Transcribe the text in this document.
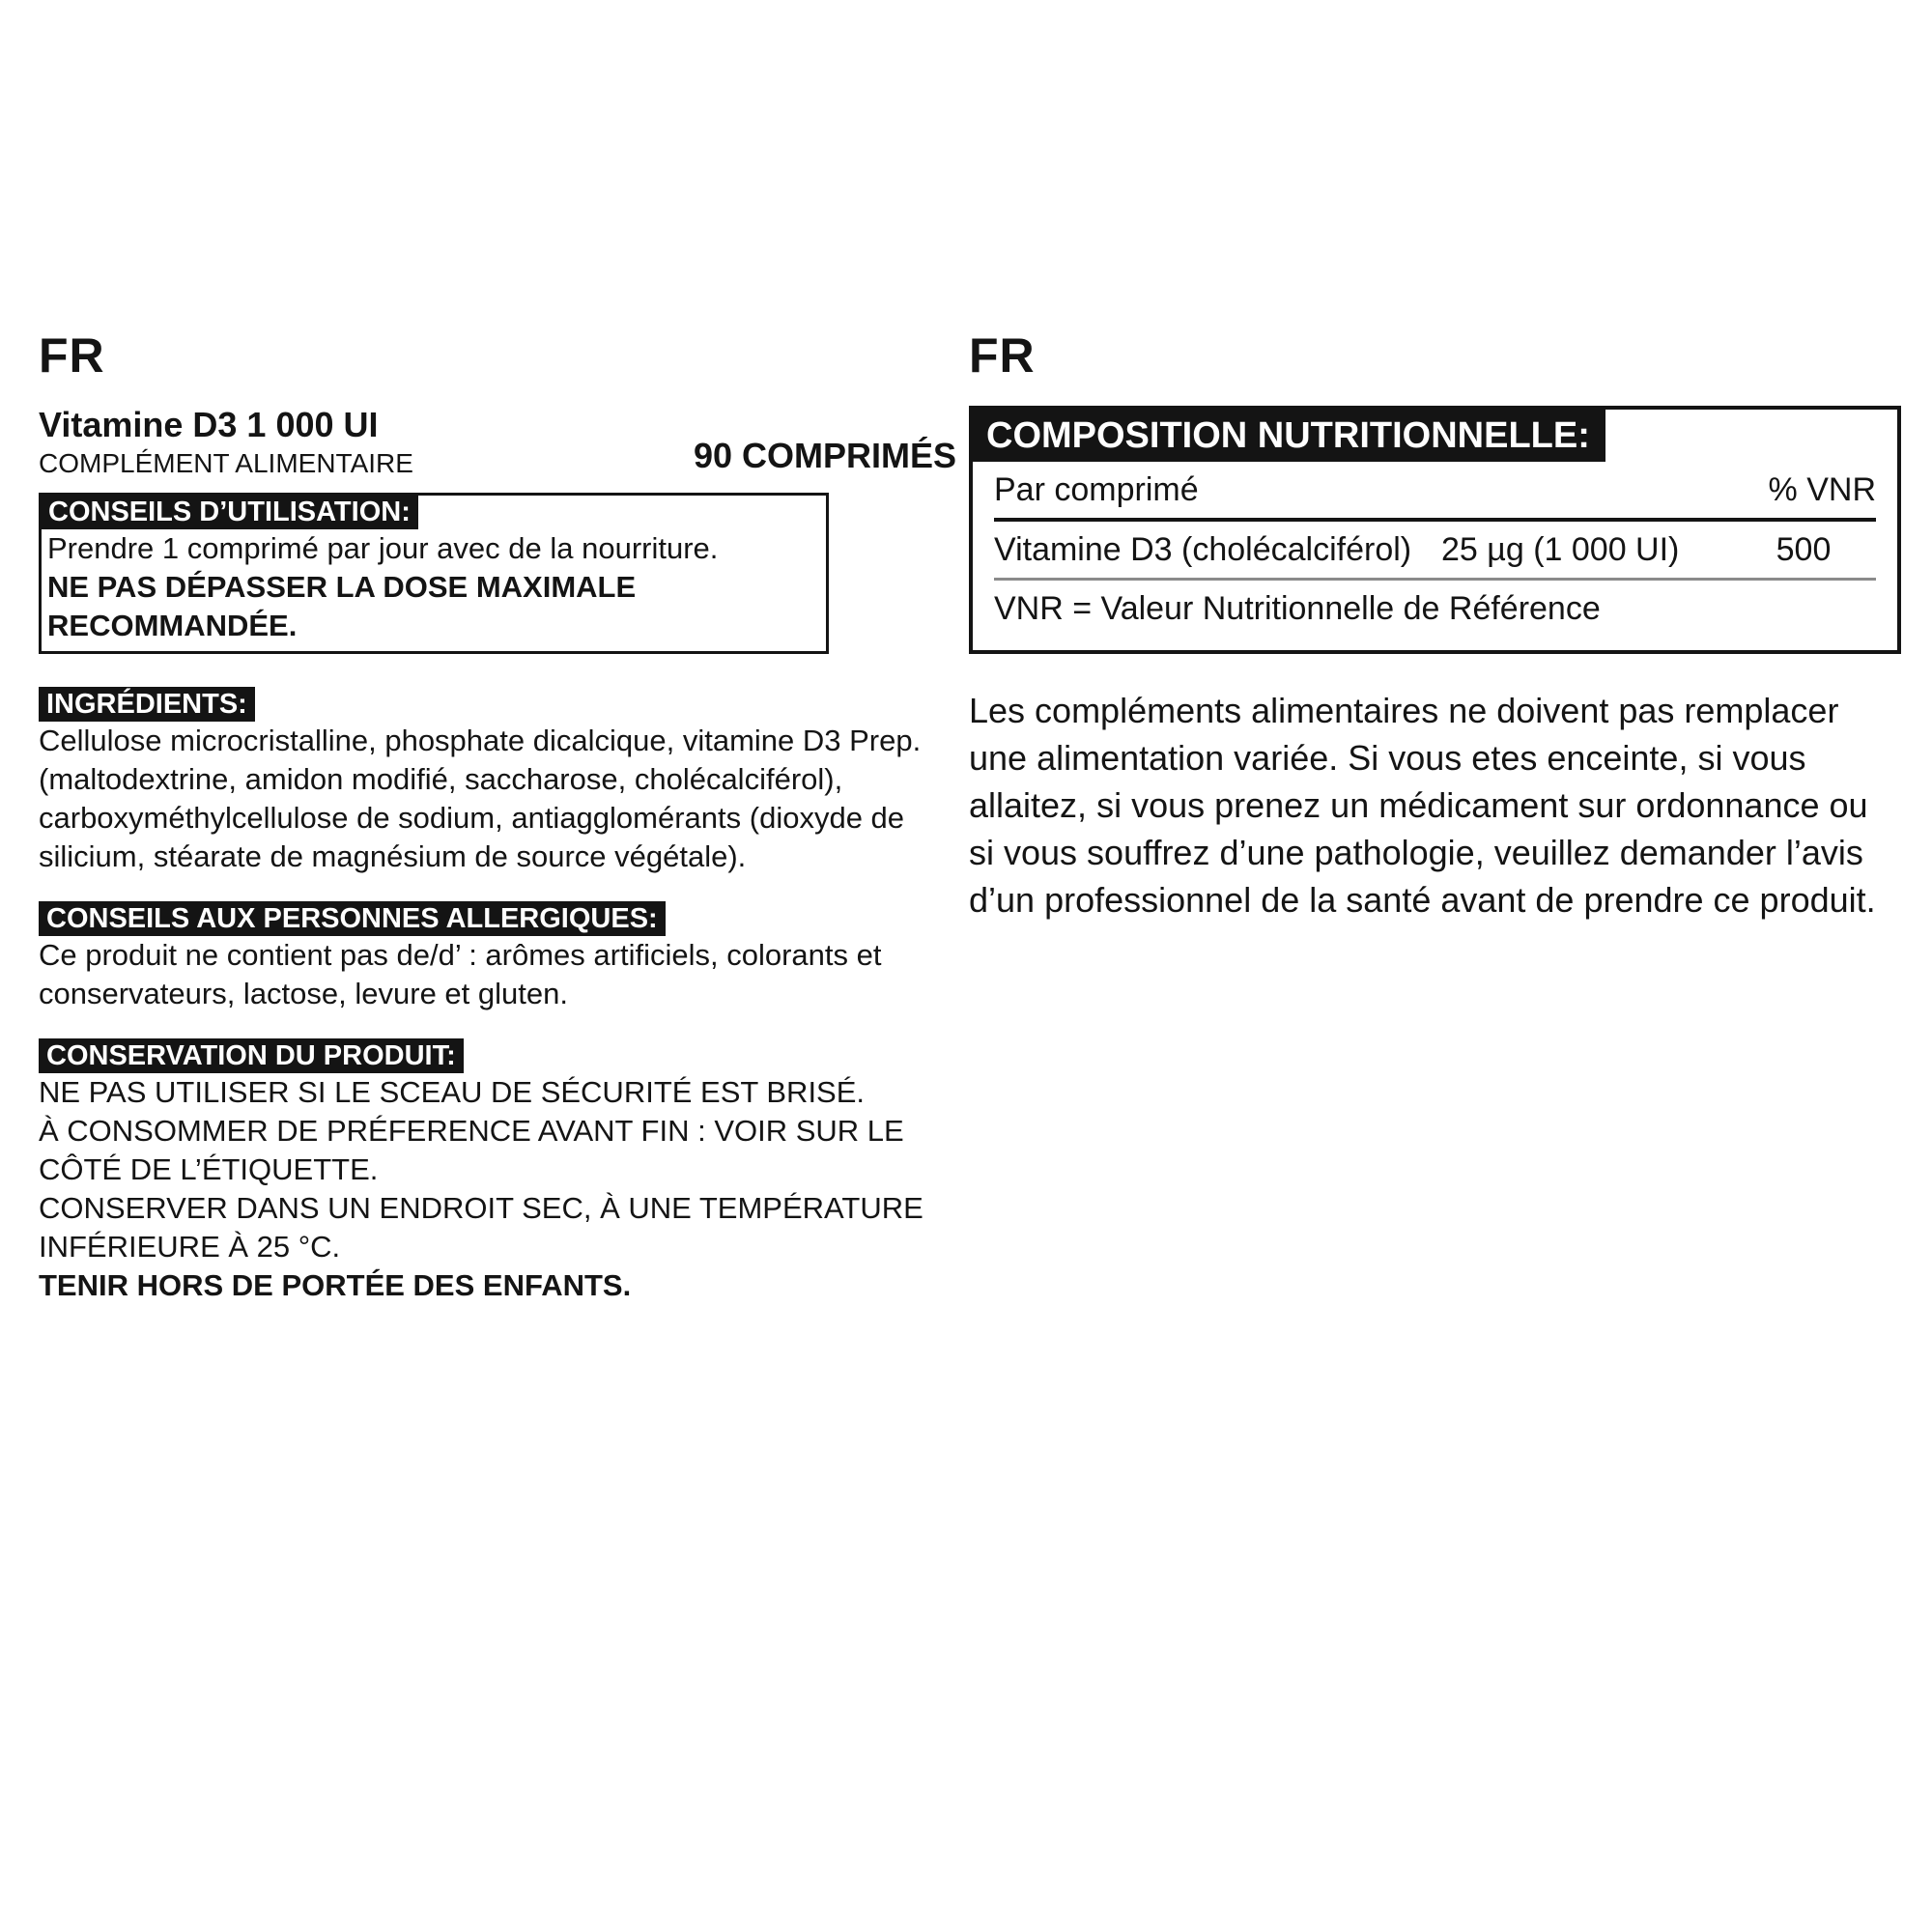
FR
Vitamine D3 1 000 UI
COMPLÉMENT ALIMENTAIRE	90 COMPRIMÉS
CONSEILS D’UTILISATION:

Prendre 1 comprimé par jour avec de la nourriture.

NE PAS DÉPASSER LA DOSE MAXIMALE RECOMMANDÉE.

INGRÉDIENTS:
Cellulose microcristalline, phosphate dicalcique, vitamine D3 Prep. (maltodextrine, amidon modifié, saccharose, cholécalciférol), carboxyméthylcellulose de sodium, antiagglomérants (dioxyde de silicium, stéarate de magnésium de source végétale).
CONSEILS AUX PERSONNES ALLERGIQUES:
Ce produit ne contient pas de/d’ : arômes artificiels, colorants et conservateurs, lactose, levure et gluten.
CONSERVATION DU PRODUIT:

NE PAS UTILISER SI LE SCEAU DE SÉCURITÉ EST BRISÉ.

À CONSOMMER DE PRÉFERENCE AVANT FIN : VOIR SUR LE CÔTÉ DE L’ÉTIQUETTE.

CONSERVER DANS UN ENDROIT SEC, À UNE TEMPÉRATURE INFÉRIEURE À 25 °C.

TENIR HORS DE PORTÉE DES ENFANTS.

FR
COMPOSITION NUTRITIONNELLE:
Par comprimé	% VNR
Vitamine D3 (cholécalciférol) 25 µg (1 000 UI)	500
VNR = Valeur Nutritionnelle de Référence

Les compléments alimentaires ne doivent pas remplacer une alimentation variée. Si vous etes enceinte, si vous allaitez, si vous prenez un médicament sur ordonnance ou si vous souffrez d’une pathologie, veuillez demander l’avis d’un professionnel de la santé avant de prendre ce produit.
